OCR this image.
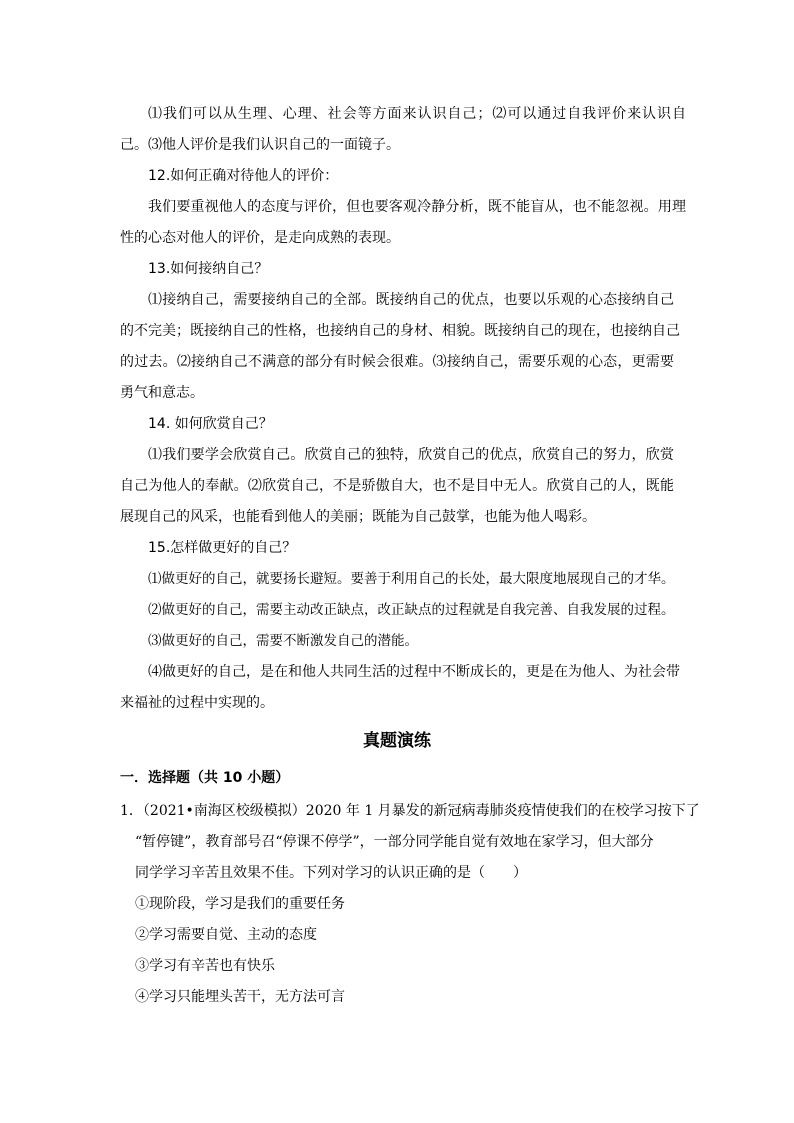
⑴我们可以从生理、心理、社会等方面来认识自己；⑵可以通过自我评价来认识自
己。⑶他人评价是我们认识自己的一面镜子。
12.如何正确对待他人的评价：
我们要重视他人的态度与评价，但也要客观冷静分析，既不能盲从，也不能忽视。用理
性的心态对他人的评价，是走向成熟的表现。
13.如何接纳自己？
⑴接纳自己，需要接纳自己的全部。既接纳自己的优点，也要以乐观的心态接纳自己
的不完美；既接纳自己的性格，也接纳自己的身材、相貌。既接纳自己的现在，也接纳自己
的过去。⑵接纳自己不满意的部分有时候会很难。⑶接纳自己，需要乐观的心态，更需要
勇气和意志。
14. 如何欣赏自己？
⑴我们要学会欣赏自己。欣赏自己的独特，欣赏自己的优点，欣赏自己的努力，欣赏
自己为他人的奉献。⑵欣赏自己，不是骄傲自大，也不是目中无人。欣赏自己的人，既能
展现自己的风采，也能看到他人的美丽；既能为自己鼓掌，也能为他人喝彩。
15.怎样做更好的自己？
⑴做更好的自己，就要扬长避短。要善于利用自己的长处，最大限度地展现自己的才华。
⑵做更好的自己，需要主动改正缺点，改正缺点的过程就是自我完善、自我发展的过程。
⑶做更好的自己，需要不断激发自己的潜能。
⑷做更好的自己，是在和他人共同生活的过程中不断成长的，更是在为他人、为社会带
来福祉的过程中实现的。
真题演练
一．选择题（共 10 小题）
1．（2021•南海区校级模拟）2020 年 1 月暴发的新冠病毒肺炎疫情使我们的在校学习按下了
“暂停键”，教育部号召“停课不停学”，一部分同学能自觉有效地在家学习，但大部分
同学学习辛苦且效果不佳。下列对学习的认识正确的是（　　）
①现阶段，学习是我们的重要任务
②学习需要自觉、主动的态度
③学习有辛苦也有快乐
④学习只能埋头苦干，无方法可言
